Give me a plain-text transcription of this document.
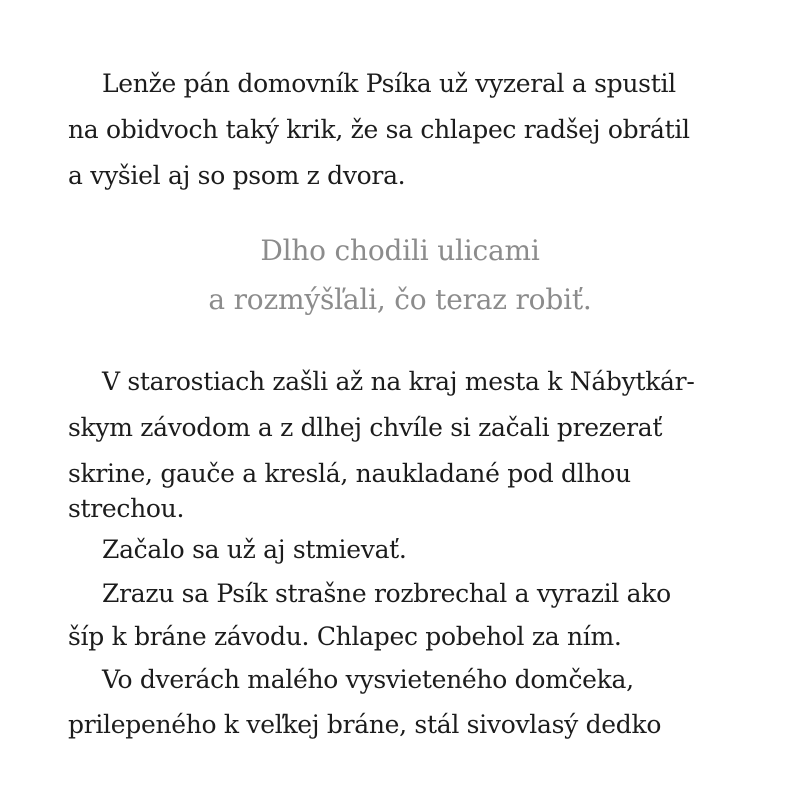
Lenže pán domovník Psíka už vyzeral a spustil

na obidvoch taký krik, že sa chlapec radšej obrátil

a vyšiel aj so psom z dvora.

Dlho chodili ulicami

a rozmýšľali, čo teraz robiť.

V starostiach zašli až na kraj mesta k Nábytkár-

skym závodom a z dlhej chvíle si začali prezerať

skrine, gauče a kreslá, naukladané pod dlhou

strechou.

Začalo sa už aj stmievať.

Zrazu sa Psík strašne rozbrechal a vyrazil ako

šíp k bráne závodu. Chlapec pobehol za ním.

Vo dverách malého vysvieteného domčeka,

prilepeného k veľkej bráne, stál sivovlasý dedko
